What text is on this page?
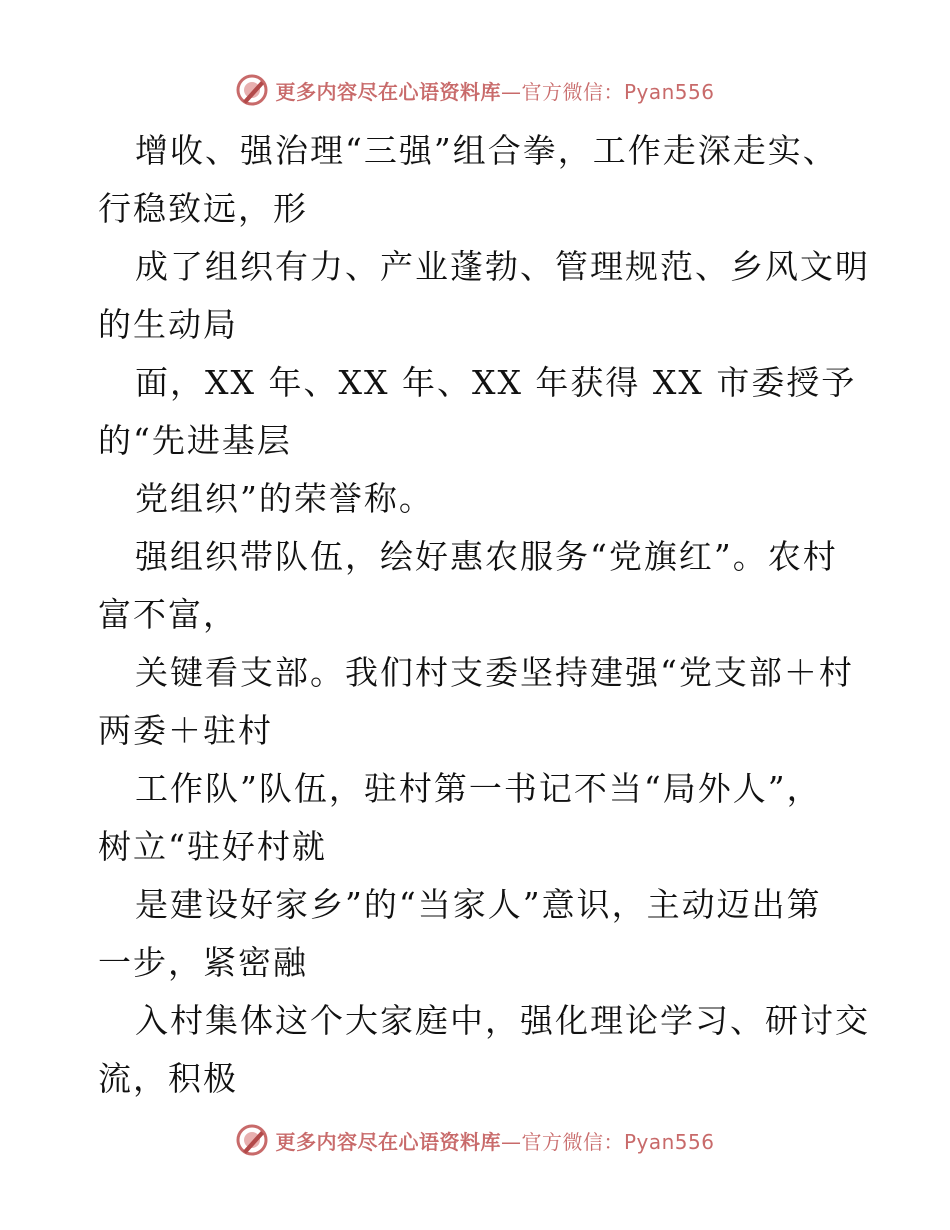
更多内容尽在心语资料库—官方微信：Pyan556
增收、强治理“三强”组合拳，工作走深走实、
行稳致远，形
成了组织有力、产业蓬勃、管理规范、乡风文明
的生动局
面，XX 年、XX 年、XX 年获得 XX 市委授予
的“先进基层
党组织”的荣誉称。
强组织带队伍，绘好惠农服务“党旗红”。农村
富不富，
关键看支部。我们村支委坚持建强“党支部＋村
两委＋驻村
工作队”队伍，驻村第一书记不当“局外人”，
树立“驻好村就
是建设好家乡”的“当家人”意识，主动迈出第
一步，紧密融
入村集体这个大家庭中，强化理论学习、研讨交
流，积极
更多内容尽在心语资料库—官方微信：Pyan556
